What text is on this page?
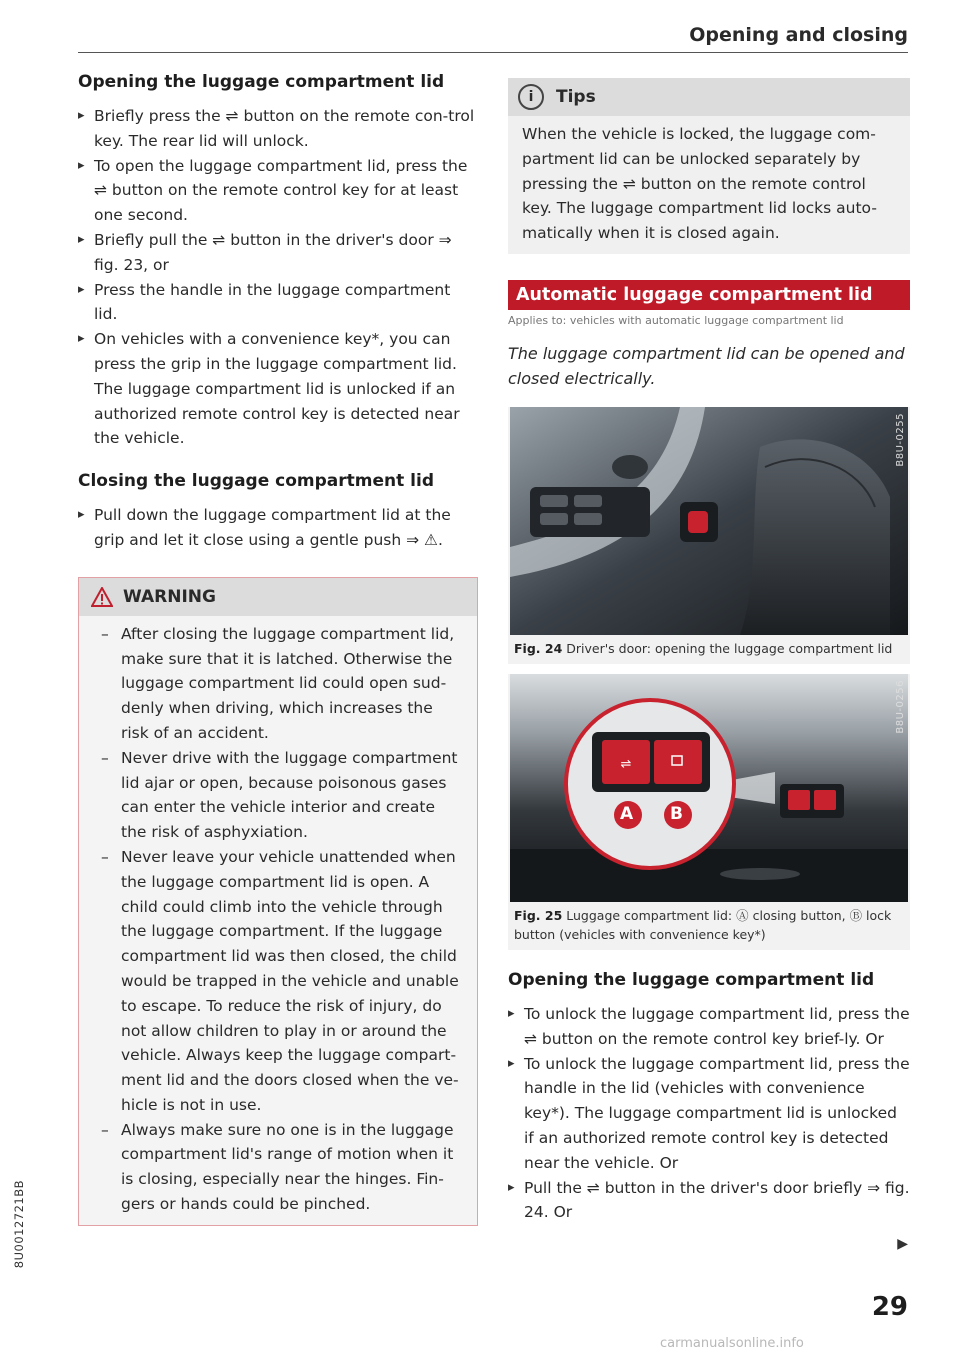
Opening and closing
Opening the luggage compartment lid
▸ Briefly press the ⇌ button on the remote con-trol key. The rear lid will unlock.
▸ To open the luggage compartment lid, press the ⇌ button on the remote control key for at least one second.
▸ Briefly pull the ⇌ button in the driver's door ⇒ fig. 23, or
▸ Press the handle in the luggage compartment lid.
▸ On vehicles with a convenience key*, you can press the grip in the luggage compartment lid. The luggage compartment lid is unlocked if an authorized remote control key is detected near the vehicle.
Closing the luggage compartment lid
▸ Pull down the luggage compartment lid at the grip and let it close using a gentle push ⇒ ⚠.
WARNING
– After closing the luggage compartment lid, make sure that it is latched. Otherwise the luggage compartment lid could open sud-denly when driving, which increases the risk of an accident.
– Never drive with the luggage compartment lid ajar or open, because poisonous gases can enter the vehicle interior and create the risk of asphyxiation.
– Never leave your vehicle unattended when the luggage compartment lid is open. A child could climb into the vehicle through the luggage compartment. If the luggage compartment lid was then closed, the child would be trapped in the vehicle and unable to escape. To reduce the risk of injury, do not allow children to play in or around the vehicle. Always keep the luggage compart-ment lid and the doors closed when the ve-hicle is not in use.
– Always make sure no one is in the luggage compartment lid's range of motion when it is closing, especially near the hinges. Fin-gers or hands could be pinched.
i	Tips
When the vehicle is locked, the luggage com-partment lid can be unlocked separately by pressing the ⇌ button on the remote control key. The luggage compartment lid locks auto-matically when it is closed again.
Automatic luggage compartment lid
Applies to: vehicles with automatic luggage compartment lid
The luggage compartment lid can be opened and closed electrically.
B8U-0255
Fig. 24 Driver's door: opening the luggage compartment lid
⇌
A B
B8U-0256
Fig. 25 Luggage compartment lid: Ⓐ closing button, Ⓑ lock button (vehicles with convenience key*)
Opening the luggage compartment lid
▸ To unlock the luggage compartment lid, press the ⇌ button on the remote control key brief-ly. Or
▸ To unlock the luggage compartment lid, press the handle in the lid (vehicles with convenience key*). The luggage compartment lid is unlocked if an authorized remote control key is detected near the vehicle. Or
▸ Pull the ⇌ button in the driver's door briefly ⇒ fig. 24. Or
▶
29
8U0012721BB
carmanualsonline.info
